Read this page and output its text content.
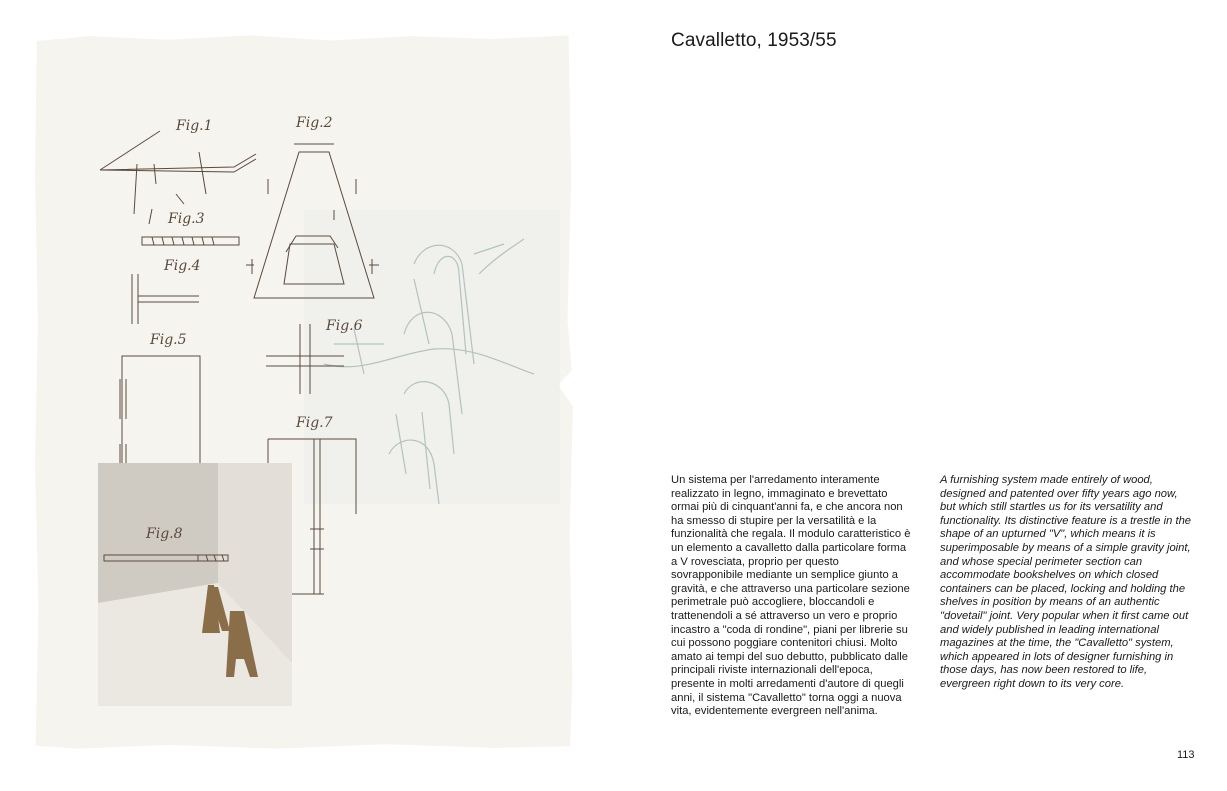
Fig.1	Fig.2
Fig.3
Fig.4
Fig.5
Fig.6
Fig.7
Fig.8
Cavalletto, 1953/55

Un sistema per l'arredamento interamente realizzato in legno, immaginato e brevettato ormai più di cinquant'anni fa, e che ancora non ha smesso di stupire per la versatilità e la funzionalità che regala. Il modulo caratteristico è un elemento a cavalletto dalla particolare forma a V rovesciata, proprio per questo sovrapponibile mediante un semplice giunto a gravità, e che attraverso una particolare sezione perimetrale può accogliere, bloccandoli e trattenendoli a sé attraverso un vero e proprio incastro a "coda di rondine", piani per librerie su cui possono poggiare contenitori chiusi. Molto amato ai tempi del suo debutto, pubblicato dalle principali riviste internazionali dell'epoca, presente in molti arredamenti d'autore di quegli anni, il sistema "Cavalletto" torna oggi a nuova vita, evidentemente evergreen nell'anima.

A furnishing system made entirely of wood, designed and patented over fifty years ago now, but which still startles us for its versatility and functionality. Its distinctive feature is a trestle in the shape of an upturned "V", which means it is superimposable by means of a simple gravity joint, and whose special perimeter section can accommodate bookshelves on which closed containers can be placed, locking and holding the shelves in position by means of an authentic "dovetail" joint. Very popular when it first came out and widely published in leading international magazines at the time, the "Cavalletto" system, which appeared in lots of designer furnishing in those days, has now been restored to life, evergreen right down to its very core.

113
